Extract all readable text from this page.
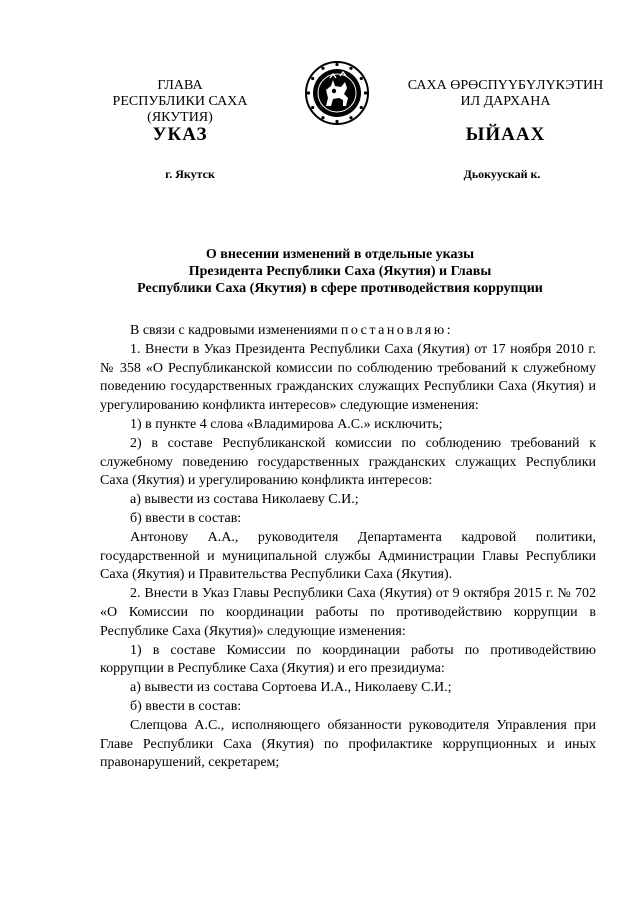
ГЛАВА
РЕСПУБЛИКИ САХА (ЯКУТИЯ)
САХА ӨРӨСПҮҮБҮЛҮКЭТИН
ИЛ ДАРХАНА
УКАЗ	ЫЙААХ
г. Якутск	Дьокуускай к.
О внесении изменений в отдельные указы
Президента Республики Саха (Якутия) и Главы
Республики Саха (Якутия) в сфере противодействия коррупции
В связи с кадровыми изменениями постановляю:
1. Внести в Указ Президента Республики Саха (Якутия) от 17 ноября 2010 г. № 358 «О Республиканской комиссии по соблюдению требований к служебному поведению государственных гражданских служащих Республики Саха (Якутия) и урегулированию конфликта интересов» следующие изменения:
1) в пункте 4 слова «Владимирова А.С.» исключить;
2) в составе Республиканской комиссии по соблюдению требований к служебному поведению государственных гражданских служащих Республики Саха (Якутия) и урегулированию конфликта интересов:
а) вывести из состава Николаеву С.И.;
б) ввести в состав:
Антонову А.А., руководителя Департамента кадровой политики, государственной и муниципальной службы Администрации Главы Республики Саха (Якутия) и Правительства Республики Саха (Якутия).
2. Внести в Указ Главы Республики Саха (Якутия) от 9 октября 2015 г. № 702 «О Комиссии по координации работы по противодействию коррупции в Республике Саха (Якутия)» следующие изменения:
1) в составе Комиссии по координации работы по противодействию коррупции в Республике Саха (Якутия) и его президиума:
а) вывести из состава Сортоева И.А., Николаеву С.И.;
б) ввести в состав:
Слепцова А.С., исполняющего обязанности руководителя Управления при Главе Республики Саха (Якутия) по профилактике коррупционных и иных правонарушений, секретарем;
